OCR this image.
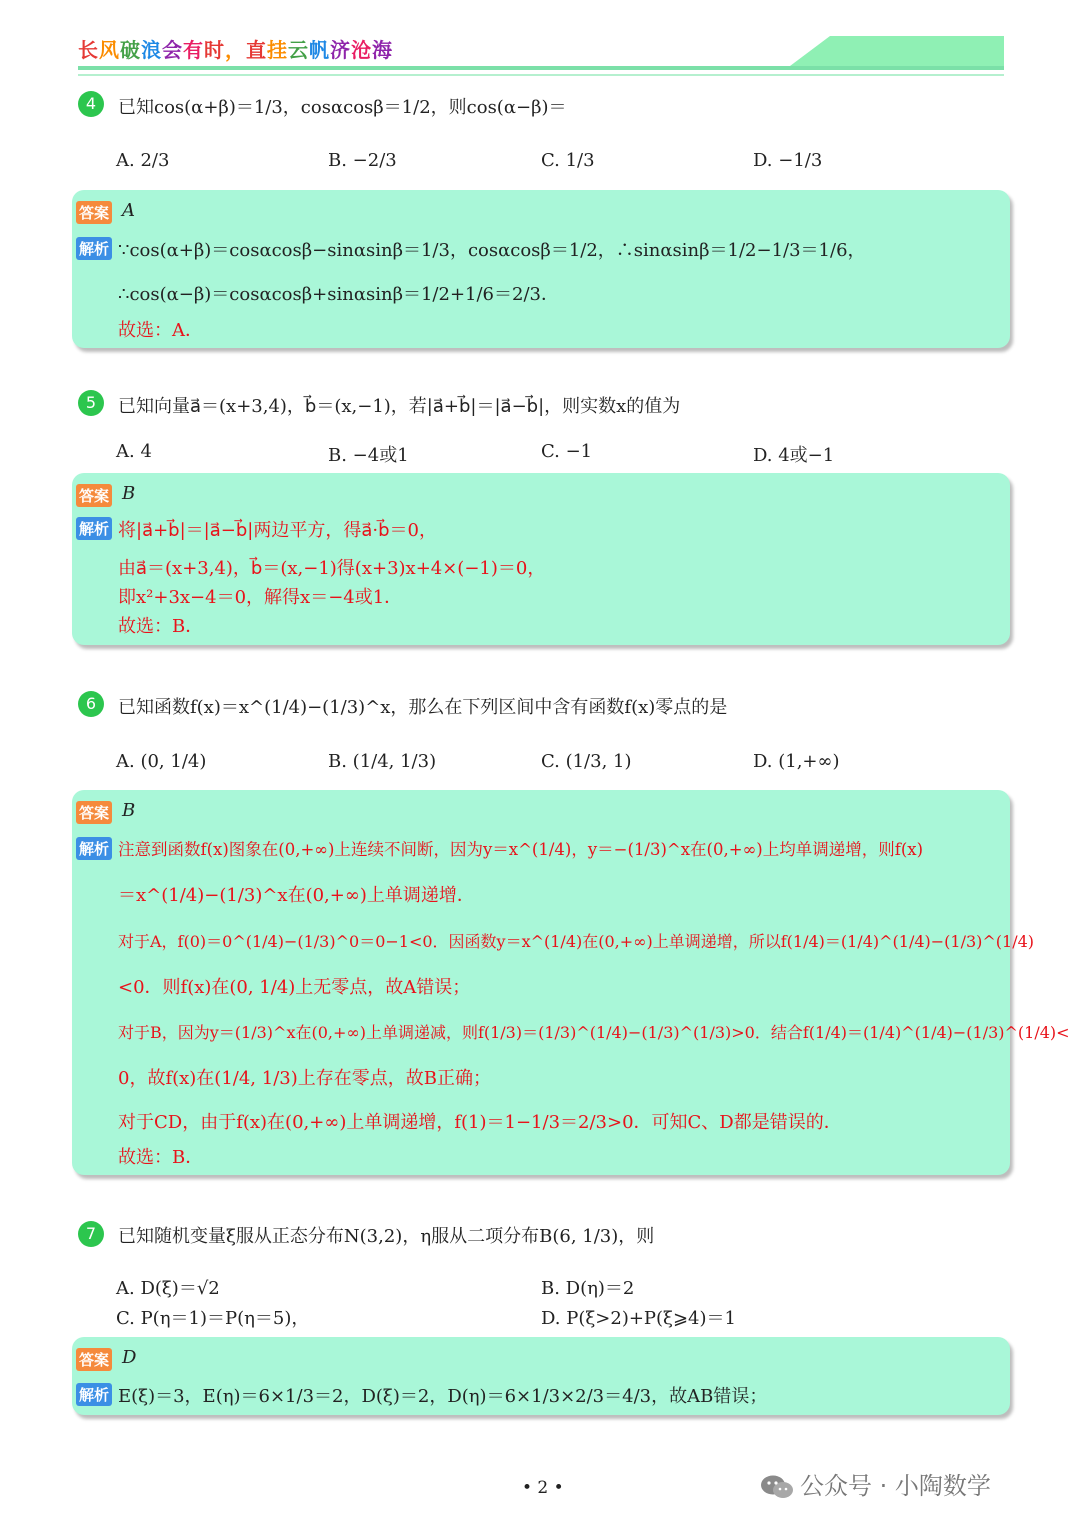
长风破浪会有时，直挂云帆济沧海
4	已知cos(α+β)＝1/3，cosαcosβ＝1/2，则cos(α−β)＝
A. 2/3	B. −2/3	C. 1/3	D. −1/3
答案 A
解析 ∵cos(α+β)＝cosαcosβ−sinαsinβ＝1/3，cosαcosβ＝1/2，∴sinαsinβ＝1/2−1/3＝1/6，
∴cos(α−β)＝cosαcosβ+sinαsinβ＝1/2+1/6＝2/3．
故选：A．
5	已知向量a⃗＝(x+3,4)，b⃗＝(x,−1)，若|a⃗+b⃗|＝|a⃗−b⃗|，则实数x的值为
A. 4	B. −4或1	C. −1	D. 4或−1
答案 B
解析 将|a⃗+b⃗|＝|a⃗−b⃗|两边平方，得a⃗·b⃗＝0，
由a⃗＝(x+3,4)，b⃗＝(x,−1)得(x+3)x+4×(−1)＝0，
即x²+3x−4＝0，解得x＝−4或1．
故选：B．
6	已知函数f(x)＝x^(1/4)−(1/3)^x，那么在下列区间中含有函数f(x)零点的是
A. (0, 1/4)	B. (1/4, 1/3)	C. (1/3, 1)	D. (1,+∞)
答案 B
解析 注意到函数f(x)图象在(0,+∞)上连续不间断，因为y＝x^(1/4)，y＝−(1/3)^x在(0,+∞)上均单调递增，则f(x)
＝x^(1/4)−(1/3)^x在(0,+∞)上单调递增．
对于A，f(0)＝0^(1/4)−(1/3)^0＝0−1<0．因函数y＝x^(1/4)在(0,+∞)上单调递增，所以f(1/4)＝(1/4)^(1/4)−(1/3)^(1/4)
<0．则f(x)在(0, 1/4)上无零点，故A错误；
对于B，因为y＝(1/3)^x在(0,+∞)上单调递减，则f(1/3)＝(1/3)^(1/4)−(1/3)^(1/3)>0．结合f(1/4)＝(1/4)^(1/4)−(1/3)^(1/4)<
0，故f(x)在(1/4, 1/3)上存在零点，故B正确；
对于CD，由于f(x)在(0,+∞)上单调递增，f(1)＝1−1/3＝2/3>0．可知C、D都是错误的．
故选：B．
7	已知随机变量ξ服从正态分布N(3,2)，η服从二项分布B(6, 1/3)，则
A. D(ξ)＝√2	B. D(η)＝2
C. P(η＝1)＝P(η＝5)，	D. P(ξ>2)+P(ξ⩾4)＝1
答案 D
解析 E(ξ)＝3，E(η)＝6×1/3＝2，D(ξ)＝2，D(η)＝6×1/3×2/3＝4/3，故AB错误；
• 2 •	公众号 · 小陶数学
